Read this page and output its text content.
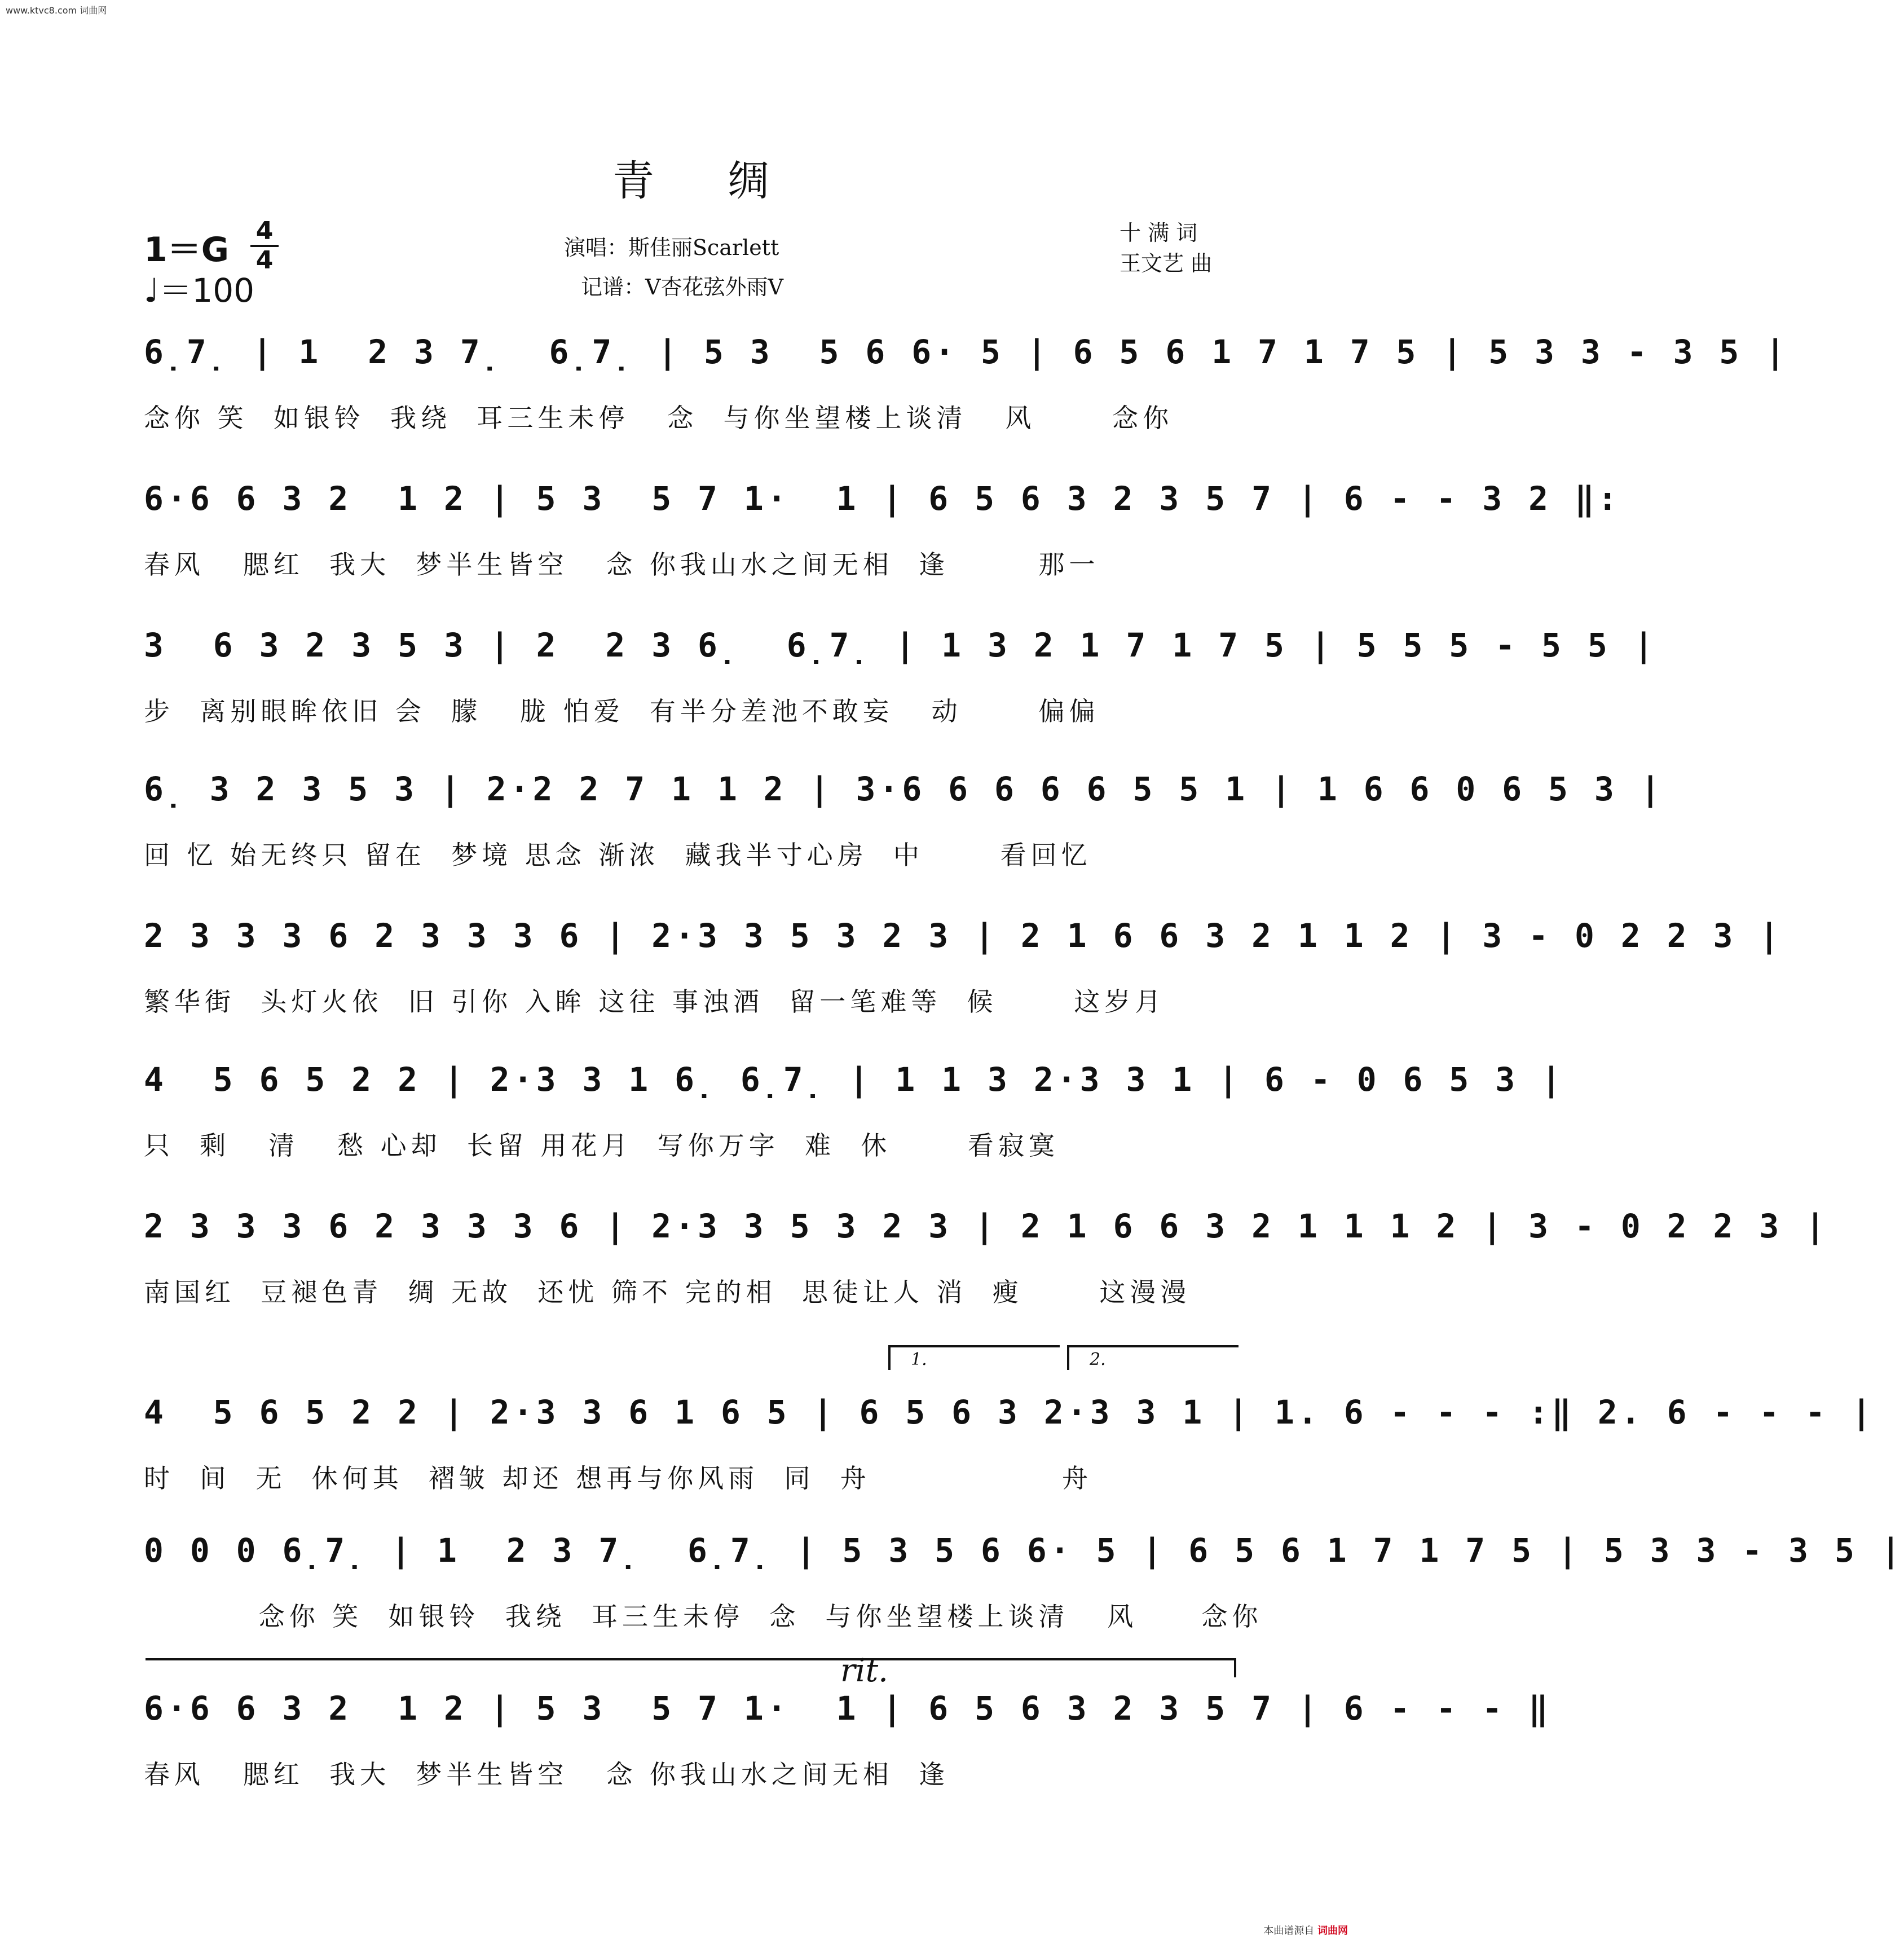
www.ktvc8.com 词曲网
青绸
1＝G 4
4
♩＝100
演唱：斯佳丽Scarlett
记谱：V杏花弦外雨V
十 满 词
王文艺 曲
6̣7̣ | 1  2 3 7̣  6̣7̣ | 5 3  5 6 6· 5 | 6 5 6 1 7 1 7 5 | 5 3 3 - 3 5 |
念你 笑  如银铃  我绕  耳三生未停   念  与你坐望楼上谈清   风      念你
6·6 6 3 2  1 2 | 5 3  5 7 1·  1 | 6 5 6 3 2 3 5 7 | 6 - - 3 2 ‖:
春风   腮红  我大  梦半生皆空   念 你我山水之间无相  逢       那一
3  6 3 2 3 5 3 | 2  2 3 6̣  6̣7̣ | 1 3 2 1 7 1 7 5 | 5 5 5 - 5 5 |
步  离别眼眸依旧 会  朦   胧 怕爱  有半分差池不敢妄   动      偏偏
6̣ 3 2 3 5 3 | 2·2 2 7 1 1 2 | 3·6 6 6 6 6 5 5 1 | 1 6 6 0 6 5 3 |
回 忆 始无终只 留在  梦境 思念 渐浓  藏我半寸心房  中      看回忆
2 3 3 3 6 2 3 3 3 6 | 2·3 3 5 3 2 3 | 2 1 6 6 3 2 1 1 2 | 3 - 0 2 2 3 |
繁华街  头灯火依  旧 引你 入眸 这往 事浊酒  留一笔难等  候      这岁月
4  5 6 5 2 2 | 2·3 3 1 6̣ 6̣7̣ | 1 1 3 2·3 3 1 | 6 - 0 6 5 3 |
只  剩   清   愁 心却  长留 用花月  写你万字  难  休      看寂寞
2 3 3 3 6 2 3 3 3 6 | 2·3 3 5 3 2 3 | 2 1 6 6 3 2 1 1 1 2 | 3 - 0 2 2 3 |
南国红  豆褪色青  绸 无故  还忧 筛不 完的相  思徒让人 消  瘦      这漫漫
4  5 6 5 2 2 | 2·3 3 6 1 6 5 | 6 5 6 3 2·3 3 1 | 1. 6 - - - :‖ 2. 6 - - - |
时  间  无  休何其  褶皱 却还 想再与你风雨  同  舟               舟
0 0 0 6̣7̣ | 1  2 3 7̣  6̣7̣ | 5 3 5 6 6· 5 | 6 5 6 1 7 1 7 5 | 5 3 3 - 3 5 |
念你 笑  如银铃  我绕  耳三生未停  念  与你坐望楼上谈清   风     念你
6·6 6 3 2  1 2 | 5 3  5 7 1·  1 | 6 5 6 3 2 3 5 7 | 6 - - - ‖
春风   腮红  我大  梦半生皆空   念 你我山水之间无相  逢
rit.
1.	2.
本曲谱源自 词曲网
